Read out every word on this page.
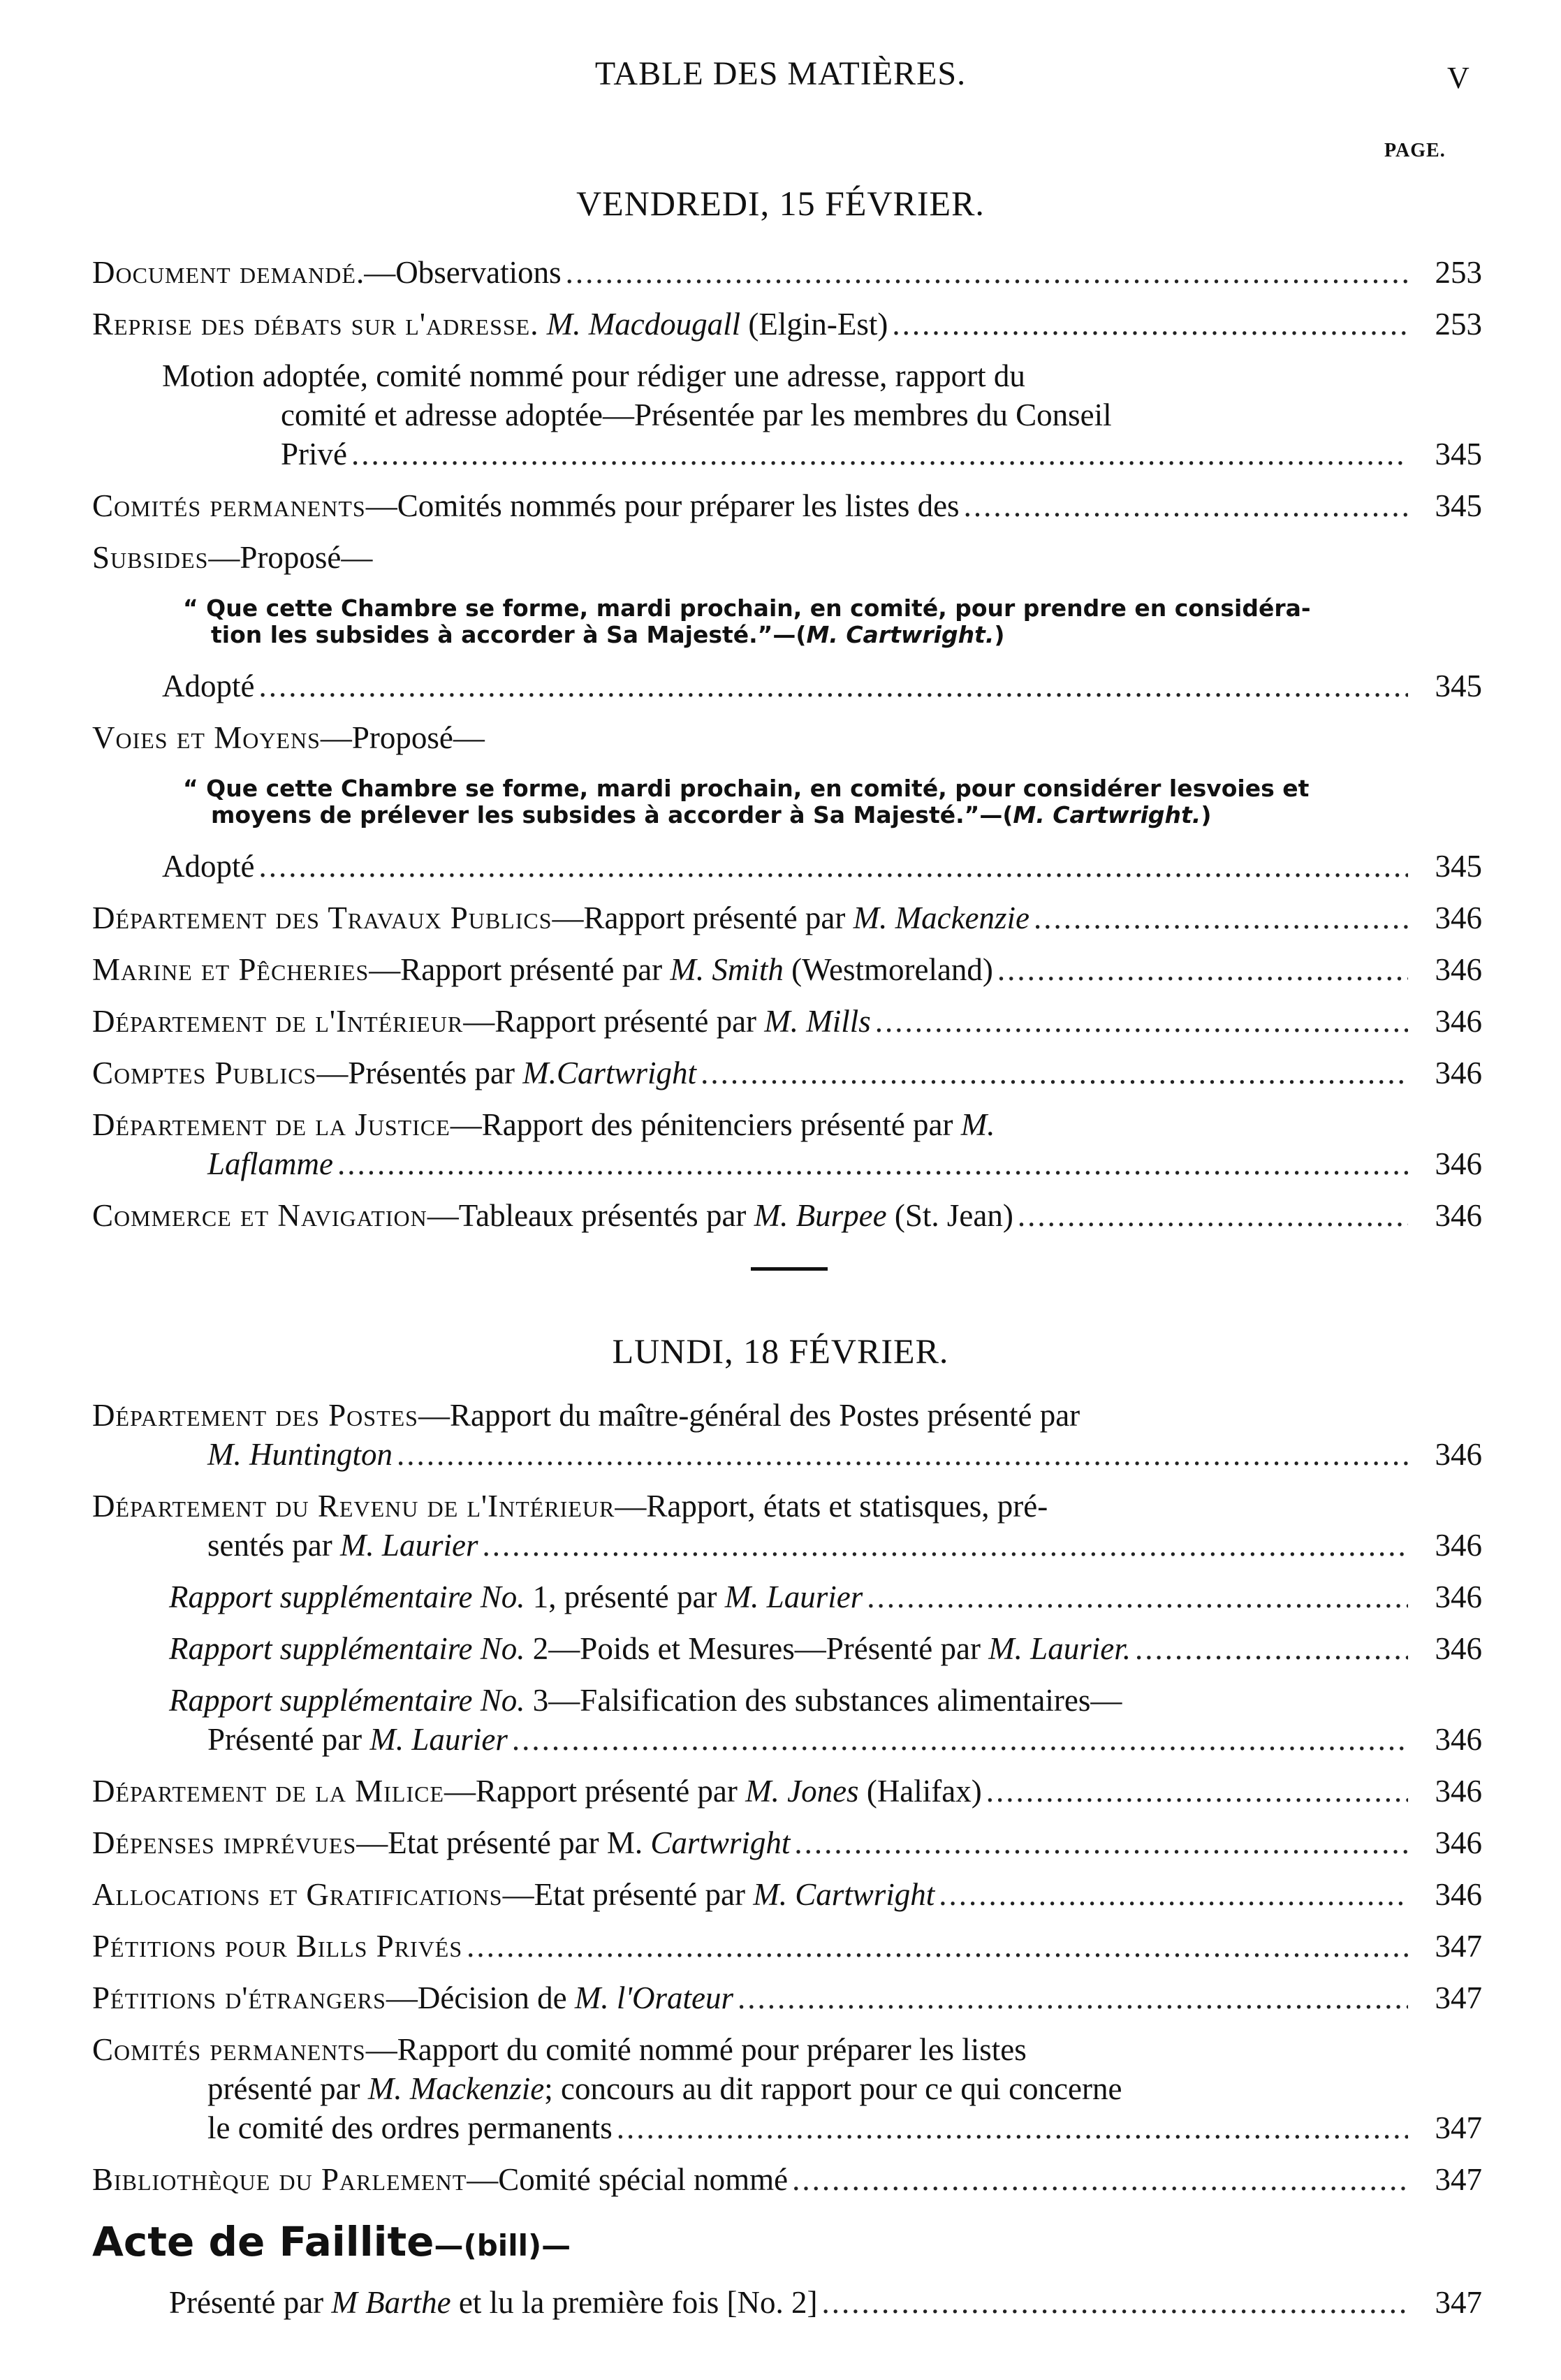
TABLE DES MATIÈRES.	V
PAGE.
VENDREDI, 15 FÉVRIER.
Document demandé.—Observations .....	253
Reprise des débats sur l'adresse. M. Macdougall (Elgin-Est) .....	253
Motion adoptée, comité nommé pour rédiger une adresse, rapport du
comité et adresse adoptée—Présentée par les membres du Conseil
Privé .....	345
Comités permanents—Comités nommés pour préparer les listes des .....	345
Subsides—Proposé—
“ Que cette Chambre se forme, mardi prochain, en comité, pour prendre en considéra-
tion les subsides à accorder à Sa Majesté.”—(M. Cartwright.)
Adopté .....	345
Voies et Moyens—Proposé—
“ Que cette Chambre se forme, mardi prochain, en comité, pour considérer lesvoies et
moyens de prélever les subsides à accorder à Sa Majesté.”—(M. Cartwright.)
Adopté .....	345
Département des Travaux Publics—Rapport présenté par M. Mackenzie .....	346
Marine et Pêcheries—Rapport présenté par M. Smith (Westmoreland) .....	346
Département de l'Intérieur—Rapport présenté par M. Mills .....	346
Comptes Publics—Présentés par M.Cartwright .....	346
Département de la Justice—Rapport des pénitenciers présenté par M.
Laflamme .....	346
Commerce et Navigation—Tableaux présentés par M. Burpee (St. Jean) .....	346
LUNDI, 18 FÉVRIER.
Département des Postes—Rapport du maître-général des Postes présenté par
M. Huntington .....	346
Département du Revenu de l'Intérieur—Rapport, états et statisques, pré-
sentés par M. Laurier .....	346
Rapport supplémentaire No. 1, présenté par M. Laurier .....	346
Rapport supplémentaire No. 2—Poids et Mesures—Présenté par M. Laurier. .....	346
Rapport supplémentaire No. 3—Falsification des substances alimentaires—
Présenté par M. Laurier .....	346
Département de la Milice—Rapport présenté par M. Jones (Halifax) .....	346
Dépenses imprévues—Etat présenté par M. Cartwright .....	346
Allocations et Gratifications—Etat présenté par M. Cartwright .....	346
Pétitions pour Bills Privés .....	347
Pétitions d'étrangers—Décision de M. l'Orateur .....	347
Comités permanents—Rapport du comité nommé pour préparer les listes
présenté par M. Mackenzie; concours au dit rapport pour ce qui concerne
le comité des ordres permanents .....	347
Bibliothèque du Parlement—Comité spécial nommé .....	347
Acte de Faillite—(bill)—
Présenté par M Barthe et lu la première fois [No. 2] .....	347
